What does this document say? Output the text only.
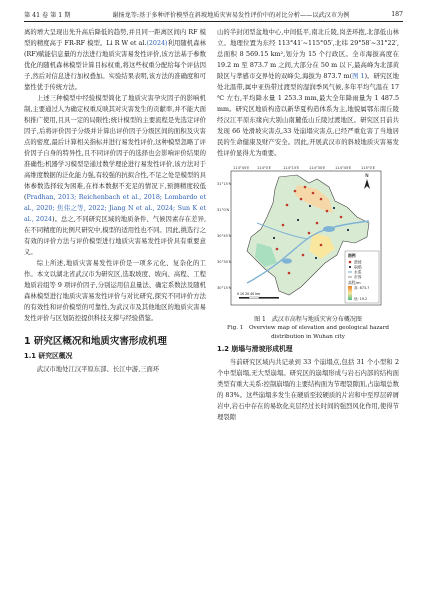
第 41 卷 第 1 期	谢扬龙等:基于多种评价模型在斜坡地质灾害易发性评价中的对比分析——以武汉市为例	187

离的增大呈现出先升高后降低的趋势,并且同一距离区间内 RF 模型的精度高于 FR-RF 模型。Li R W et al.(2024)利用随机森林(RF)赋能信息量的方法进行地质灾害易发性评价,该方法基于参数优化的随机森林模型计算目标权重,将这些权重分配给每个评估因子,然后对信息进行加权叠加。实验结果表明,该方法的准确度和可靠性优于传统方法。

上述三种模型中经验模型简化了地质灾害孕灾因子的影响机制,主要通过人为确定权重反映其对灾害发生的贡献率,并不能大面积推广使用,且具一定的局限性;统计模型的主要流程是先选定评价因子,后将评价因子分级并计算出评价因子分级区间的面积及灾害点的密度,最后计算相关指标并进行易发性评价,这种模型忽略了评价因子自身的特异性,且不同评价因子的选择也会影响评价结果的准确性;机器学习模型是通过数学理论进行易发性评价,该方法对于高维度数据的泛化能力强,有较强的抗拟合性,不足之处是模型的具体参数选择较为困难,在样本数据不充足的情况下,预测精度较低(Pradhan, 2013; Reichenbach et al., 2018; Lombardo et al., 2020; 焦伟之等, 2022; Jiang N et al., 2024; Sun K et al., 2024)。总之,不同研究区域的地质条件、气候因素存在差异,在不同精度的比例尺研究中,模型的适用性也不同。因此,挑选行之有效的评价方法与评价模型进行地质灾害易发性评价具有重要意义。

综上所述,地质灾害易发性评价是一项多元化、复杂化的工作。本文以湖北省武汉市为研究区,选取坡度、坡向、高程、工程地质岩组等 9 项评价因子,分别运用信息量法、确定系数法及随机森林模型进行地质灾害易发性评价与对比研究,探究不同评价方法的有效性和评价模型的可靠性,为武汉市及其他地区的地质灾害易发性评价与区划防控提供科技支撑与经验借鉴。

1 研究区概况和地质灾害形成机理
1.1 研究区概况

武汉市地处江汉平原东部、长江中游,三面环

山的半封闭型盆地中心,中间低平,南北丘陵,岗垄环抱,北部低山林立。地理位置为东经 113°41′~115°05′,北纬 29°58′~31°22′,总面积 8 569.15 km²,划分为 15 个行政区。全市海拔高度在 19.2 m 至 873.7 m 之间,大部分在 50 m 以下,最高峰为北部黄陂区与孝感市交界处的双峰尖,海拔为 873.7 m(图 1)。研究区地处北温带,属中亚热带过渡型的湿润季风气候,多年平均气温在 17 ℃ 左右,平均降水量 1 253.3 mm,最大全年降雨量为 1 487.5 mm。研究区地质构造以新华夏构造体系为主,地貌属鄂东南丘陵经汉江平原东缘向大别山南麓低山丘陵过渡地区。研究区目前共发现 66 处滑坡灾害点,33 处崩塌灾害点,已经严重危害了当地居民的生命健康及财产安全。因此,开展武汉市的斜坡地质灾害易发性评价显得尤为重要。

113°45′E 114°0′E	114°15′E	114°30′E	114°45′E	115°0′E
31°15′N
31°0′N
30°45′N
30°30′N
30°15′N
N
图例
滑坡
崩塌
水系
市界
高程/m
高: 873.7
低: 19.2
0 10 20 40 km
图 1　武汉市高程与地质灾害分布概况图
Fig. 1　Overview map of elevation and geological hazard
distribution in Wuhan city
1.2 崩塌与滑坡形成机理

当前研究区域内共记录到 33 个崩塌点,包括 31 个小型和 2 个中型崩塌,无大型崩塌。研究区的崩塌形成与岩石内部的结构面类型有重大关系:控制崩塌的主要结构面为节理裂隙面,占崩塌总数的 83%。这些崩塌多发生在硬质至较硬质的片岩和中至厚层碎屑岩中,岩石中存在的易软化夹层经过长时间的强烈风化作用,使得节理裂隙
